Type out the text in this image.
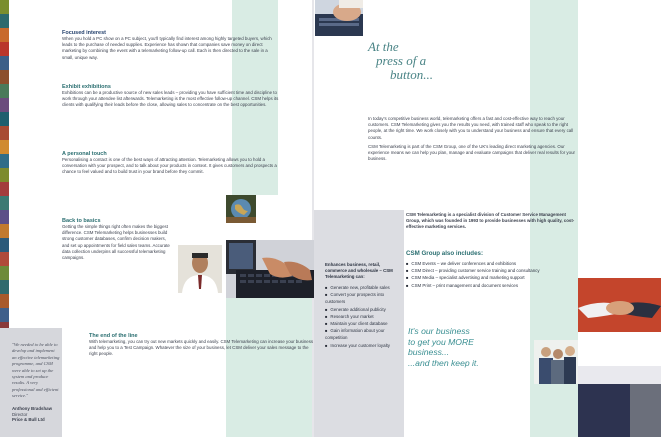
Focused interest
When you hold a PC show on a PC subject, you'll typically find interest among highly targeted buyers, which leads to the purchase of needed supplies. Experience has shown that companies save money on direct marketing by combining the event with a telemarketing follow-up call. Each is then directed to the sale in a small, unique way.
Exhibit exhibitions
Exhibitions can be a productive source of new sales leads – providing you have sufficient time and discipline to work through your attendee list afterwards. Telemarketing is the most effective follow-up channel. CSM helps its clients with qualifying their leads before the close, allowing sales to concentrate on the best opportunities.
A personal touch
Personalising a contact is one of the best ways of attracting attention. Telemarketing allows you to hold a conversation with your prospect, and to talk about your products in context. It gives customers and prospects a chance to feel valued and to build trust in your brand before they commit.
Back to basics
Getting the simple things right often makes the biggest difference. CSM Telemarketing helps businesses build strong customer databases, confirm decision makers, and set up appointments for field sales teams. Accurate data collection underpins all successful telemarketing campaigns.
"We needed to be able to develop and implement an effective telemarketing programme, and CSM were able to set up the system and produce results. A very professional and efficient service."
Anthony Bradshaw
Director
Price & Bull Ltd
The end of the line
With telemarketing, you can try out new markets quickly and easily. CSM Telemarketing can increase your business and help you to a Test Campaign. Whatever the size of your business, let CSM deliver your sales message to the right people.
Enhances business, retail, commerce and wholesale – CSM Telemarketing can:
■ Generate new, profitable sales
■ Convert your prospects into customers
■ Generate additional publicity
■ Research your market
■ Maintain your client database
■ Gain information about your competition
■ Increase your customer loyalty
At the
press of a
button...
In today's competitive business world, telemarketing offers a fast and cost-effective way to reach your customers. CSM Telemarketing gives you the results you need, with trained staff who speak to the right people, at the right time. We work closely with you to understand your business and ensure that every call counts.
CSM Telemarketing is part of the CSM Group, one of the UK's leading direct marketing agencies. Our experience means we can help you plan, manage and evaluate campaigns that deliver real results for your business.
CSM Telemarketing is a specialist division of Customer Service Management Group, which was founded in 1993 to provide businesses with high quality, cost-effective marketing services.
CSM Group also includes:
■ CSM Events – we deliver conferences and exhibitions
■ CSM Direct – providing customer service training and consultancy
■ CSM Media – specialist advertising and marketing support
■ CSM Print – print management and document services
It's our business
to get you MORE
business...
...and then keep it.
